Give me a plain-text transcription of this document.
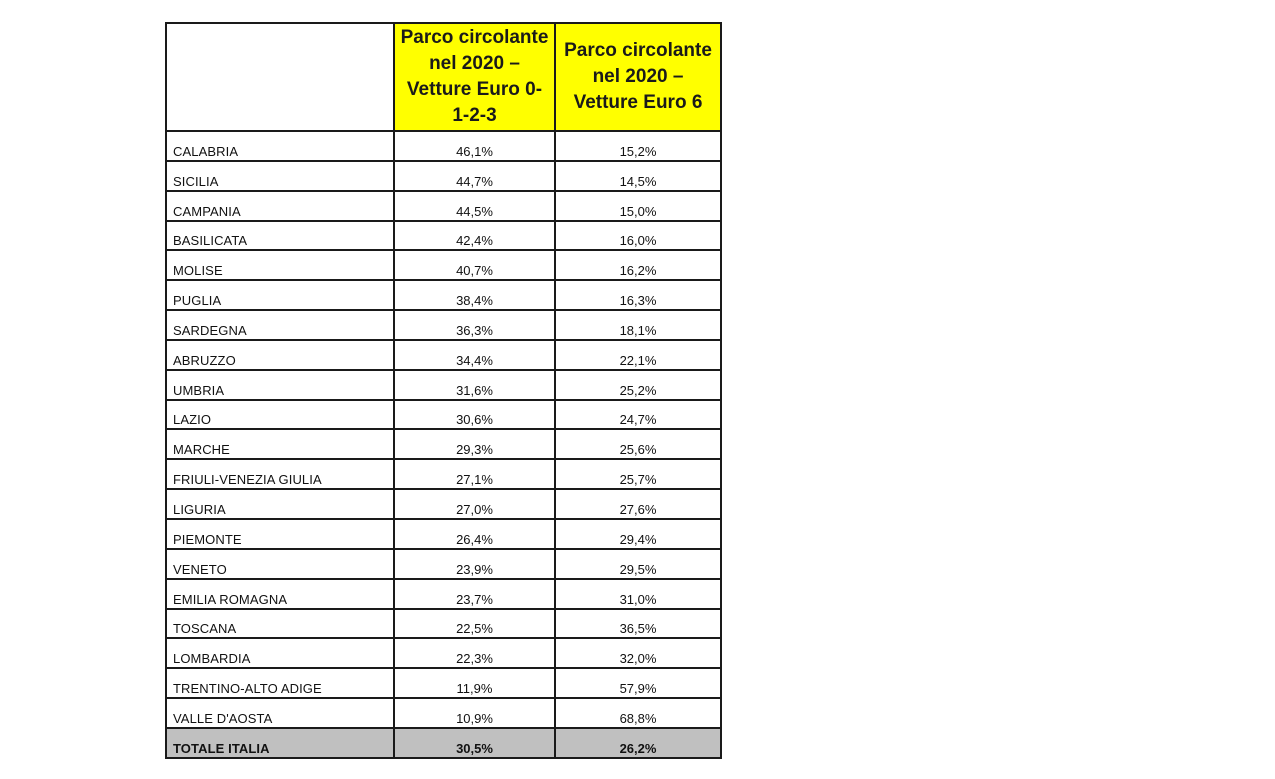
	Parco circolante nel 2020 – Vetture Euro 0-1-2-3	Parco circolante nel 2020 – Vetture Euro 6
CALABRIA	46,1%	15,2%
SICILIA	44,7%	14,5%
CAMPANIA	44,5%	15,0%
BASILICATA	42,4%	16,0%
MOLISE	40,7%	16,2%
PUGLIA	38,4%	16,3%
SARDEGNA	36,3%	18,1%
ABRUZZO	34,4%	22,1%
UMBRIA	31,6%	25,2%
LAZIO	30,6%	24,7%
MARCHE	29,3%	25,6%
FRIULI-VENEZIA GIULIA	27,1%	25,7%
LIGURIA	27,0%	27,6%
PIEMONTE	26,4%	29,4%
VENETO	23,9%	29,5%
EMILIA ROMAGNA	23,7%	31,0%
TOSCANA	22,5%	36,5%
LOMBARDIA	22,3%	32,0%
TRENTINO-ALTO ADIGE	11,9%	57,9%
VALLE D'AOSTA	10,9%	68,8%
TOTALE ITALIA	30,5%	26,2%
